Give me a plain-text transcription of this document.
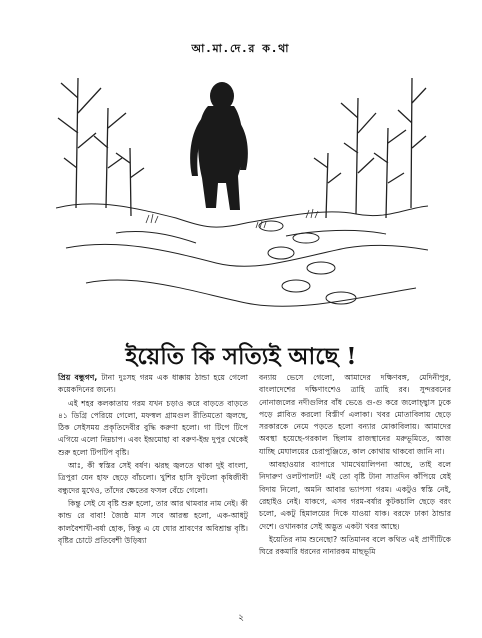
আ.মা.দে.র ক.থা
ইয়েতি কি সত্যিই আছে !

প্রিয় বন্ধুগণ, টানা দুঃসহ গরম এক ধাক্কায় ঠান্ডা হয়ে গেলো কয়েকদিনের জন্যে।

এই শহর কলকাতায় গরম যখন চড়াও করে বাড়তে বাড়তে ৪১ ডিগ্রি পেরিয়ে গেলো, মফস্বল গ্রামগুল রীতিমতো জ্বলছে, ঠিক সেইসময় প্রকৃতিদেবীর বুদ্ধি করুণা হলো। গা টিপে টিপে এগিয়ে এলো নিম্নচাপ। এবং ইন্দ্রমোহা বা বরুণ-ইন্দ্র দুপুর থেকেই শুরু হলো টিপটিপ বৃষ্টি।

আঃ, কী স্বস্তির সেই বর্ষণ। ঝরছ জ্বলতে থাকা দুই বাংলা, ত্রিপুরা যেন হাফ ছেড়ে বাঁচলো। খুশির হাসি ফুটলো কৃষিজীবী বন্ধুদের মুখেও, তাঁদের ক্ষেতের ফসল বেঁচে গেলো।

কিন্তু সেই যে বৃষ্টি শুরু হলো, তার আর থামবার নাম নেই। কী কান্ড রে বাবা! জ্যৈষ্ঠ মাস সবে আরম্ভ হলো, এক-আধটু কালবৈশাখী-বর্ষা হোক, কিন্তু এ যে ঘোর শ্রাবণের অবিশ্রান্ত বৃষ্টি। বৃষ্টির চোটে প্রতিবেশী উড়িষ্যা

বন্যায় ভেসে গেলো, আমাদের দক্ষিণবঙ্গ, মেদিনীপুর, বাংলাদেশের দক্ষিণাংশেও ত্রাহি ত্রাহি রব। সুন্দরবনের নোনাজলের নদীগুলির বাঁধ ভেঙে গু-গু করে জলোচ্ছ্বাস ঢুকে পড়ে প্লাবিত করলো বিস্তীর্ণ এলাকা। খবর মোতাবিলায় ছেড়ে সরকারকে নেমে পড়তে হলো বন্যার মোকাবিলায়। আমাদের অবস্থা হয়েছে-গরকাল ছিলাম রাজস্থানের মরুভূমিতে, আজ যাচ্ছি মেঘালয়ের চেরাপুঞ্জিতে, কাল কোথায় থাকবো জানি না।

আবহাওয়ার ব্যাপারে খামখেয়ালিপনা আছে, তাই বলে নিদারুণ ওলটপালট! এই তো বৃষ্টি টানা সাতদিন কাঁপিয়ে যেই বিদায় নিলো, অমনি আবার ভ্যাপসা গরম। একটুও স্বস্তি নেই, রেহাইও নেই। যাকগে, এসব গরম-বর্ষার কুটকচালি ছেড়ে বরং চলো, একটু হিমালয়ের দিকে যাওয়া যাক। বরফে ঢাকা ঠান্ডার দেশে। ওখানকার সেই অদ্ভুত একটা খবর আছে।

ইয়েতির নাম শুনেছো? অতিমানব বলে কথিত এই প্রাণীটিকে ঘিরে রকমারি ধরনের নানারকম মাছভূমি

২
